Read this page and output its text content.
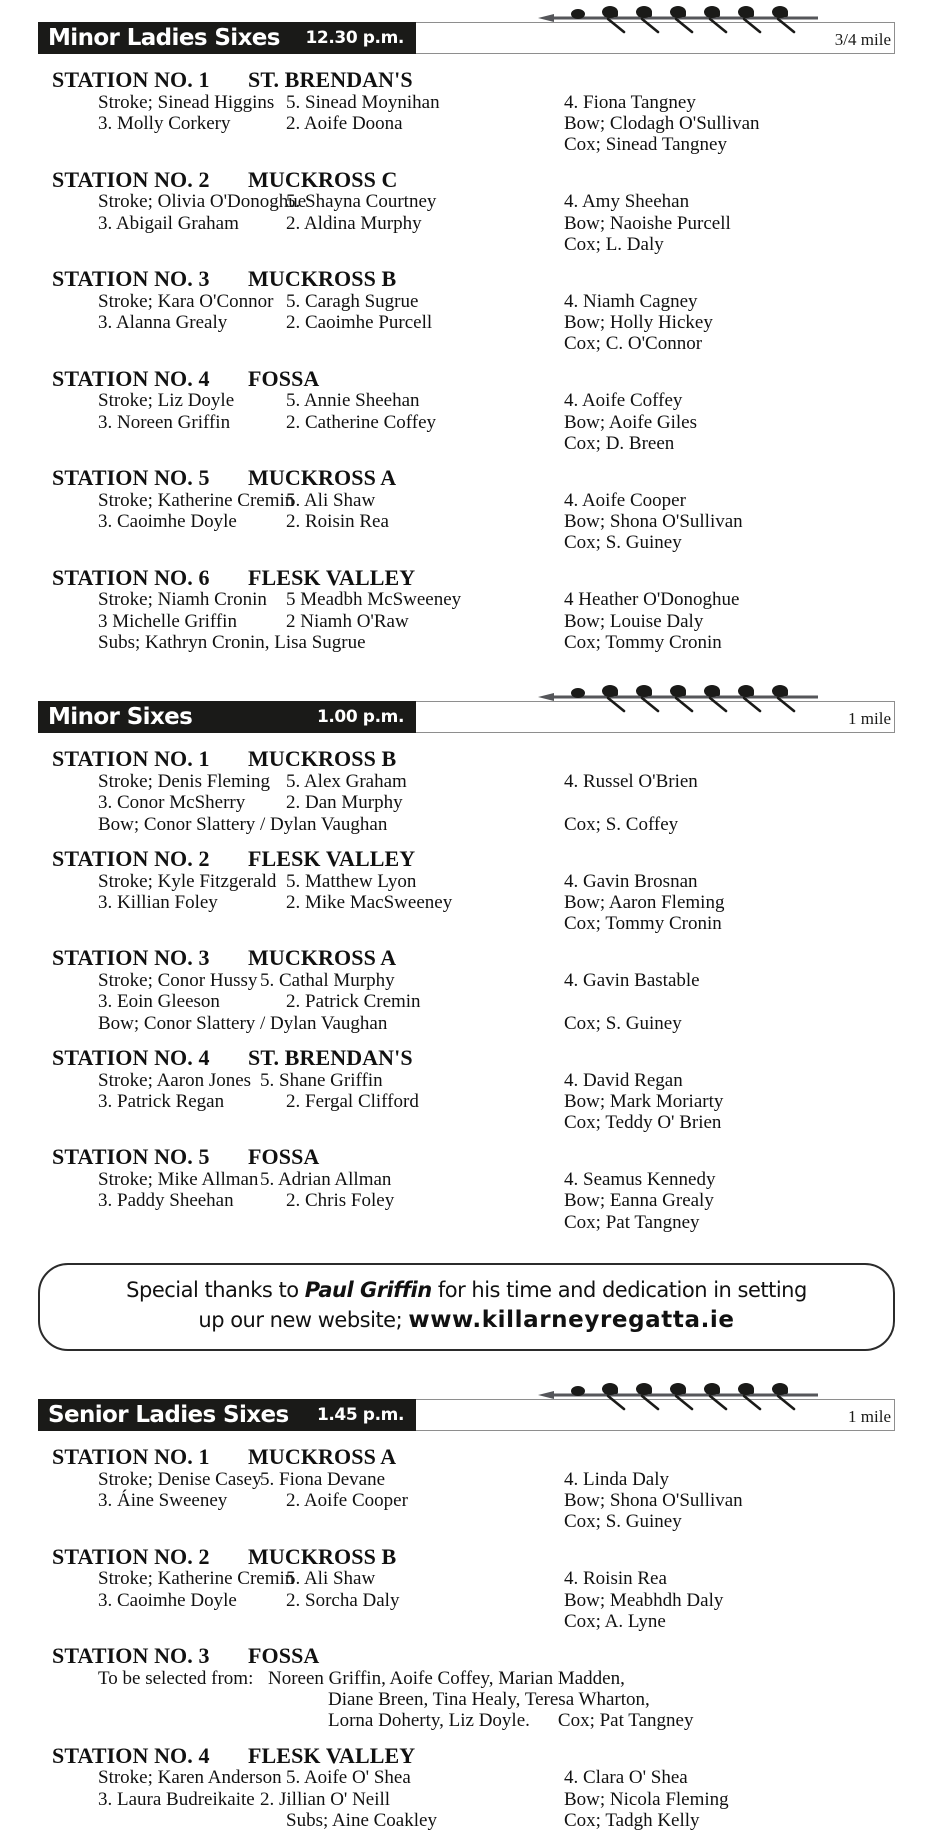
Minor Ladies Sixes	12.30 p.m.	3/4 mile
STATION NO. 1	ST. BRENDAN'S
Stroke; Sinead Higgins 5. Sinead Moynihan	4. Fiona Tangney
3. Molly Corkery	2. Aoife Doona	Bow; Clodagh O'Sullivan
Cox; Sinead Tangney
STATION NO. 2	MUCKROSS C
Stroke; Olivia O'Donoghue
5. Shayna Courtney	4. Amy Sheehan
3. Abigail Graham	2. Aldina Murphy	Bow; Naoishe Purcell
Cox; L. Daly
STATION NO. 3	MUCKROSS B
Stroke; Kara O'Connor 5. Caragh Sugrue	4. Niamh Cagney
3. Alanna Grealy	2. Caoimhe Purcell	Bow; Holly Hickey
Cox; C. O'Connor
STATION NO. 4	FOSSA
Stroke; Liz Doyle	5. Annie Sheehan	4. Aoife Coffey
3. Noreen Griffin	2. Catherine Coffey	Bow; Aoife Giles
Cox; D. Breen
STATION NO. 5	MUCKROSS A
Stroke; Katherine Cremin
5. Ali Shaw	4. Aoife Cooper
3. Caoimhe Doyle	2. Roisin Rea	Bow; Shona O'Sullivan
Cox; S. Guiney
STATION NO. 6	FLESK VALLEY
Stroke; Niamh Cronin	5 Meadbh McSweeney	4 Heather O'Donoghue
3 Michelle Griffin	2 Niamh O'Raw	Bow; Louise Daly
Subs; Kathryn Cronin, Lisa Sugrue	Cox; Tommy Cronin
Minor Sixes	1.00 p.m.	1 mile
STATION NO. 1	MUCKROSS B
Stroke; Denis Fleming 5. Alex Graham	4. Russel O'Brien
3. Conor McSherry	2. Dan Murphy
Bow; Conor Slattery / Dylan Vaughan	Cox; S. Coffey
STATION NO. 2	FLESK VALLEY
Stroke; Kyle Fitzgerald 5. Matthew Lyon	4. Gavin Brosnan
3. Killian Foley	2. Mike MacSweeney	Bow; Aaron Fleming
Cox; Tommy Cronin
STATION NO. 3	MUCKROSS A
Stroke; Conor Hussy 5. Cathal Murphy	4. Gavin Bastable
3. Eoin Gleeson	2. Patrick Cremin
Bow; Conor Slattery / Dylan Vaughan	Cox; S. Guiney
STATION NO. 4	ST. BRENDAN'S
Stroke; Aaron Jones 5. Shane Griffin	4. David Regan
3. Patrick Regan	2. Fergal Clifford	Bow; Mark Moriarty
Cox; Teddy O' Brien
STATION NO. 5	FOSSA
Stroke; Mike Allman 5. Adrian Allman	4. Seamus Kennedy
3. Paddy Sheehan	2. Chris Foley	Bow; Eanna Grealy
Cox; Pat Tangney
Special thanks to Paul Griffin for his time and dedication in setting
up our new website; www.killarneyregatta.ie
Senior Ladies Sixes	1.45 p.m.	1 mile
STATION NO. 1	MUCKROSS A
Stroke; Denise Casey
5. Fiona Devane	4. Linda Daly
3. Áine Sweeney	2. Aoife Cooper	Bow; Shona O'Sullivan
Cox; S. Guiney
STATION NO. 2	MUCKROSS B
Stroke; Katherine Cremin
5. Ali Shaw	4. Roisin Rea
3. Caoimhe Doyle	2. Sorcha Daly	Bow; Meabhdh Daly
Cox; A. Lyne
STATION NO. 3	FOSSA
To be selected from: Noreen Griffin, Aoife Coffey, Marian Madden,
Diane Breen, Tina Healy, Teresa Wharton,
Lorna Doherty, Liz Doyle.	Cox; Pat Tangney
STATION NO. 4	FLESK VALLEY
Stroke; Karen Anderson 5. Aoife O' Shea	4. Clara O' Shea
3. Laura Budreikaite 2. Jillian O' Neill	Bow; Nicola Fleming
Subs; Aine Coakley	Cox; Tadgh Kelly
